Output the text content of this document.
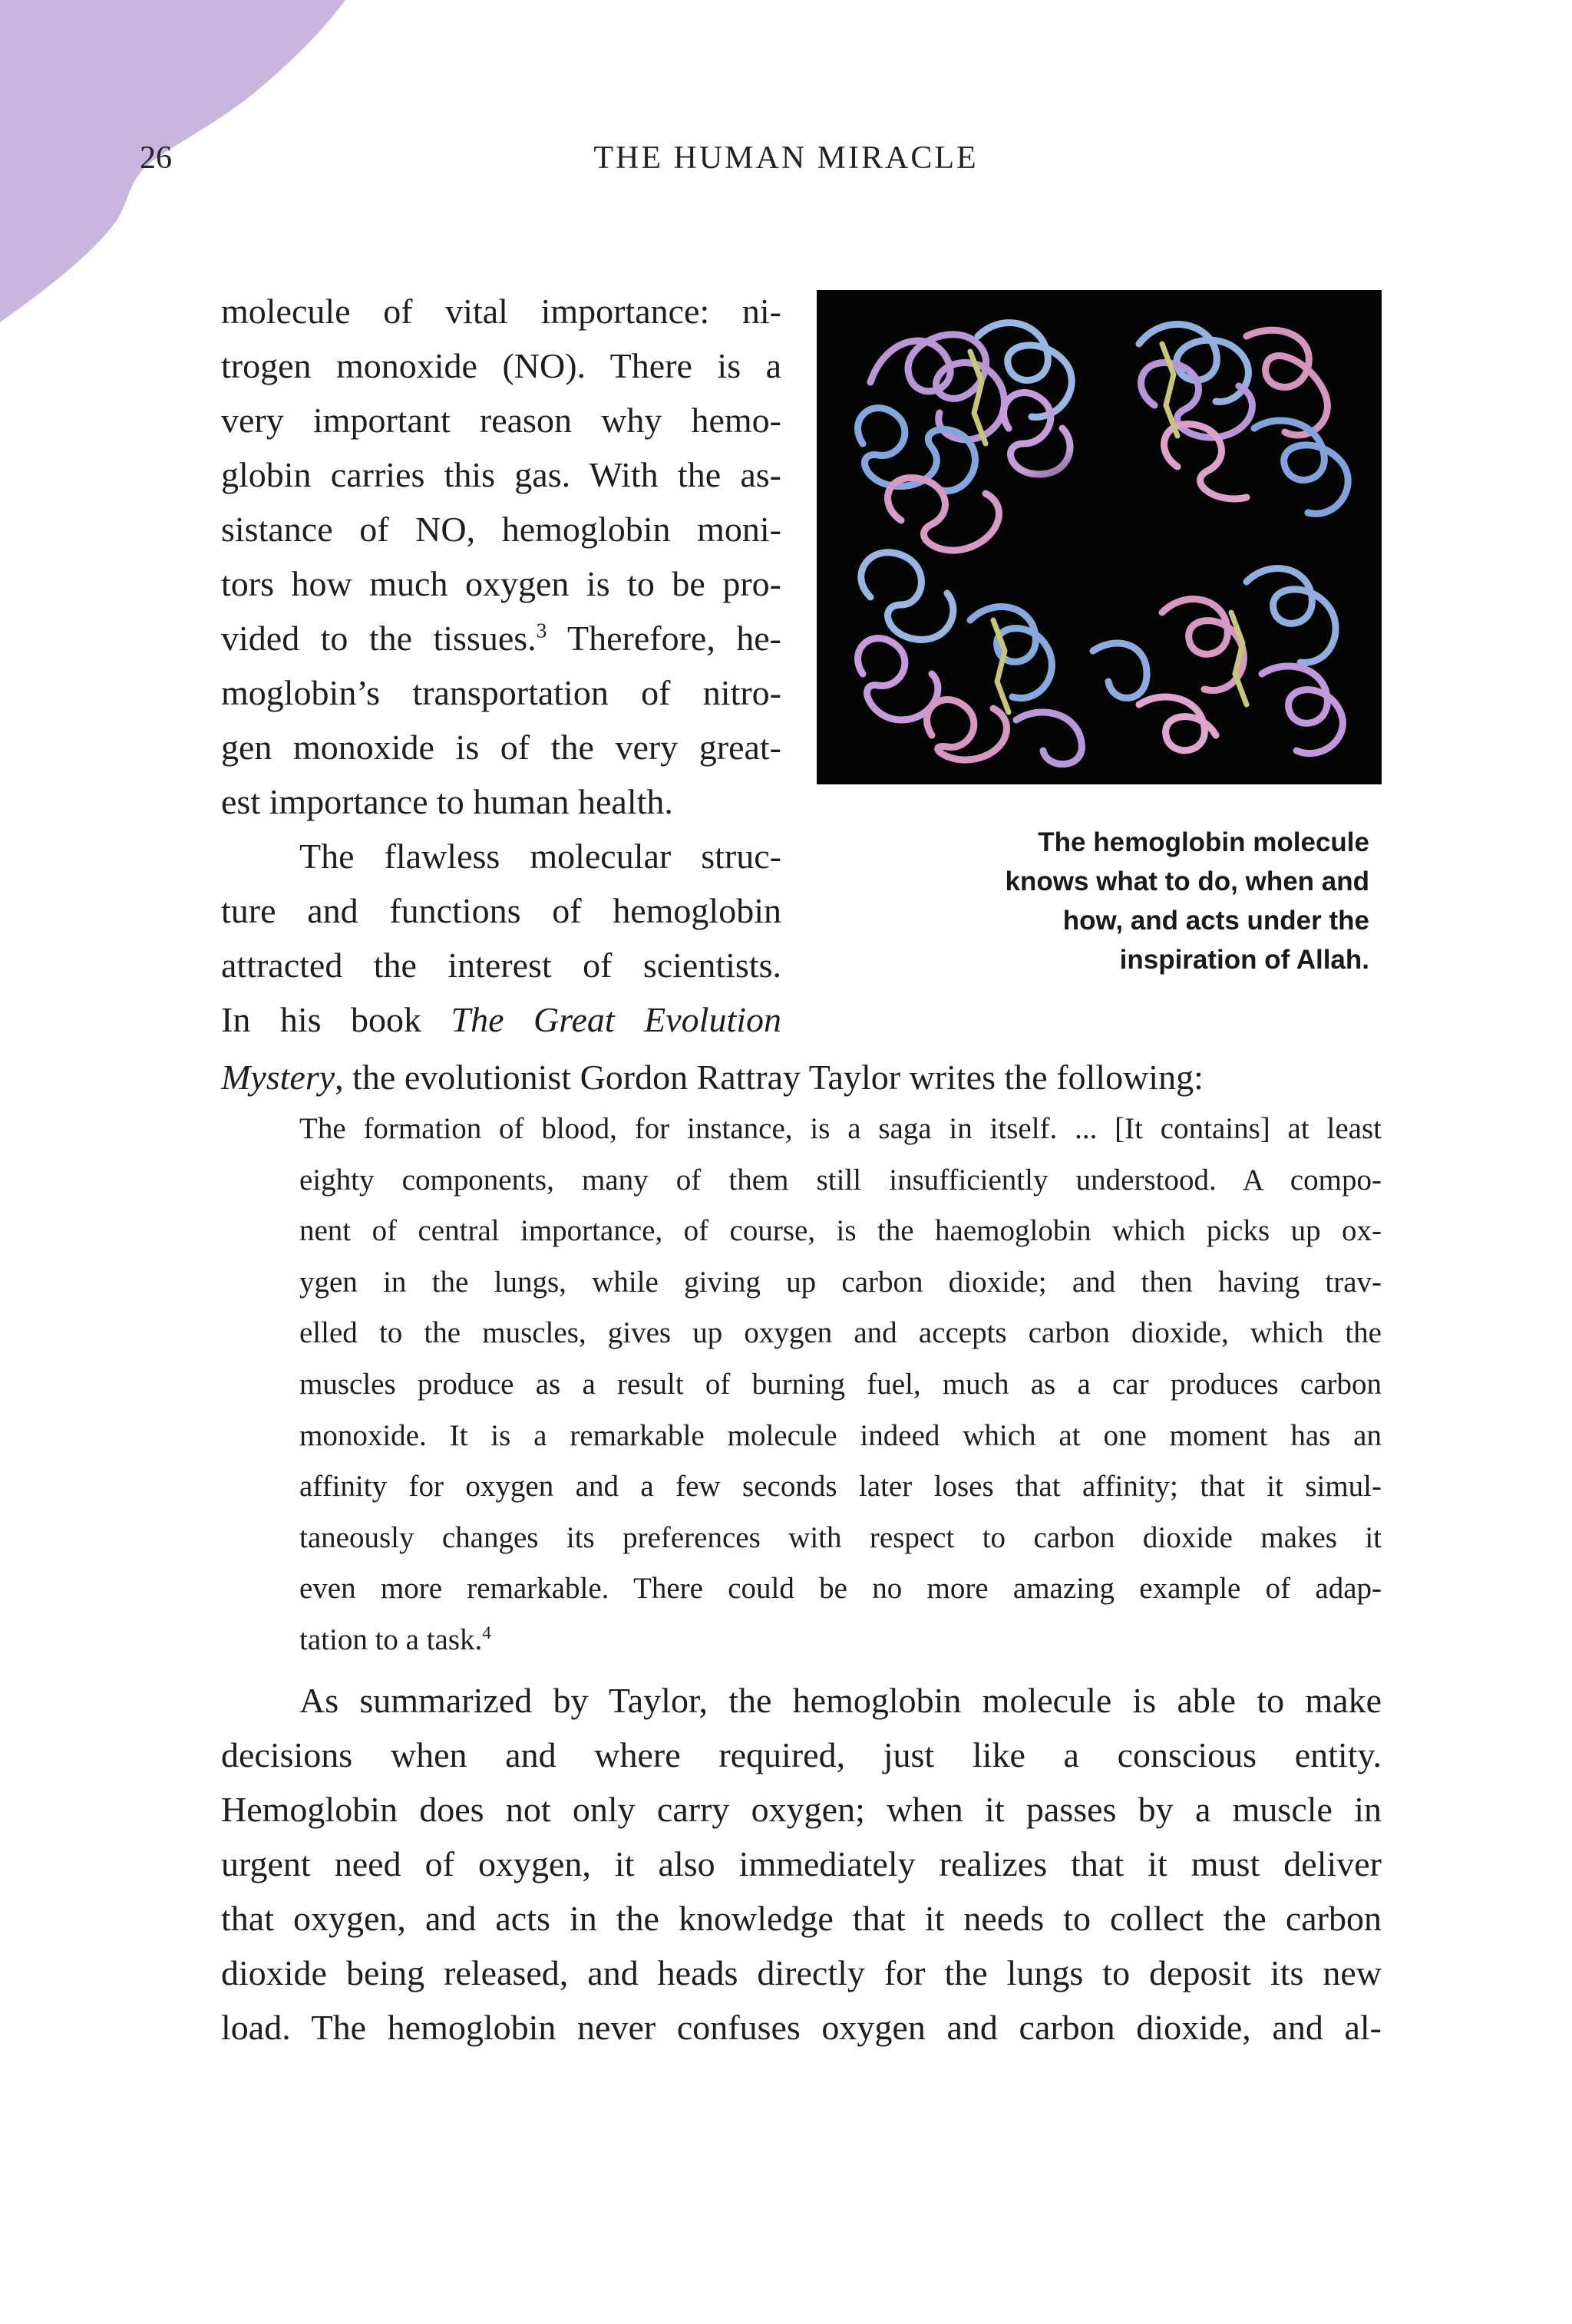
26	THE HUMAN MIRACLE
molecule of vital importance: ni-
trogen monoxide (NO). There is a
very important reason why hemo-
globin carries this gas. With the as-
sistance of NO, hemoglobin moni-
tors how much oxygen is to be pro-
vided to the tissues.$^3$ Therefore, he-
moglobin’s transportation of nitro-
gen monoxide is of the very great-
est importance to human health.
The flawless molecular struc-
ture and functions of hemoglobin
attracted the interest of scientists.
In his book The Great Evolution
Mystery, the evolutionist Gordon Rattray Taylor writes the following:
The hemoglobin molecule
knows what to do, when and
how, and acts under the
inspiration of Allah.
The formation of blood, for instance, is a saga in itself. ... [It contains] at least
eighty components, many of them still insufficiently understood. A compo-
nent of central importance, of course, is the haemoglobin which picks up ox-
ygen in the lungs, while giving up carbon dioxide; and then having trav-
elled to the muscles, gives up oxygen and accepts carbon dioxide, which the
muscles produce as a result of burning fuel, much as a car produces carbon
monoxide. It is a remarkable molecule indeed which at one moment has an
affinity for oxygen and a few seconds later loses that affinity; that it simul-
taneously changes its preferences with respect to carbon dioxide makes it
even more remarkable. There could be no more amazing example of adap-
tation to a task.$^4$
As summarized by Taylor, the hemoglobin molecule is able to make
decisions when and where required, just like a conscious entity.
Hemoglobin does not only carry oxygen; when it passes by a muscle in
urgent need of oxygen, it also immediately realizes that it must deliver
that oxygen, and acts in the knowledge that it needs to collect the carbon
dioxide being released, and heads directly for the lungs to deposit its new
load. The hemoglobin never confuses oxygen and carbon dioxide, and al-
